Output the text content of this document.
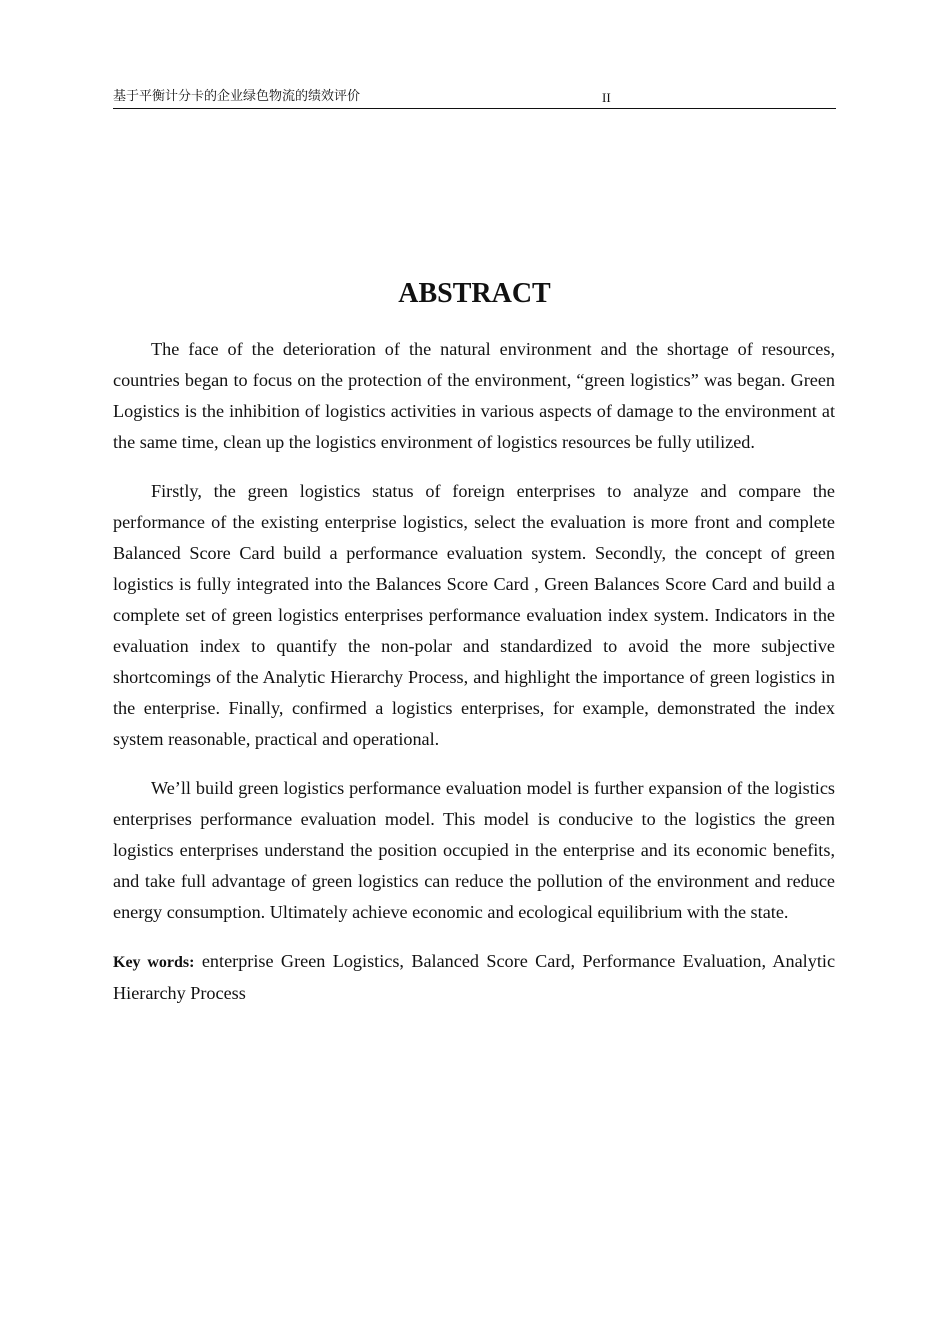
基于平衡计分卡的企业绿色物流的绩效评价	II
ABSTRACT

The face of the deterioration of the natural environment and the shortage of resources, countries began to focus on the protection of the environment, “green logistics” was began. Green Logistics is the inhibition of logistics activities in various aspects of damage to the environment at the same time, clean up the logistics environment of logistics resources be fully utilized.

Firstly, the green logistics status of foreign enterprises to analyze and compare the performance of the existing enterprise logistics, select the evaluation is more front and complete Balanced Score Card build a performance evaluation system. Secondly, the concept of green logistics is fully integrated into the Balances Score Card , Green Balances Score Card and build a complete set of green logistics enterprises performance evaluation index system. Indicators in the evaluation index to quantify the non-polar and standardized to avoid the more subjective shortcomings of the Analytic Hierarchy Process, and highlight the importance of green logistics in the enterprise. Finally, confirmed a logistics enterprises, for example, demonstrated the index system reasonable, practical and operational.

We’ll build green logistics performance evaluation model is further expansion of the logistics enterprises performance evaluation model. This model is conducive to the logistics the green logistics enterprises understand the position occupied in the enterprise and its economic benefits, and take full advantage of green logistics can reduce the pollution of the environment and reduce energy consumption. Ultimately achieve economic and ecological equilibrium with the state.

Key words: enterprise Green Logistics, Balanced Score Card, Performance Evaluation, Analytic Hierarchy Process
